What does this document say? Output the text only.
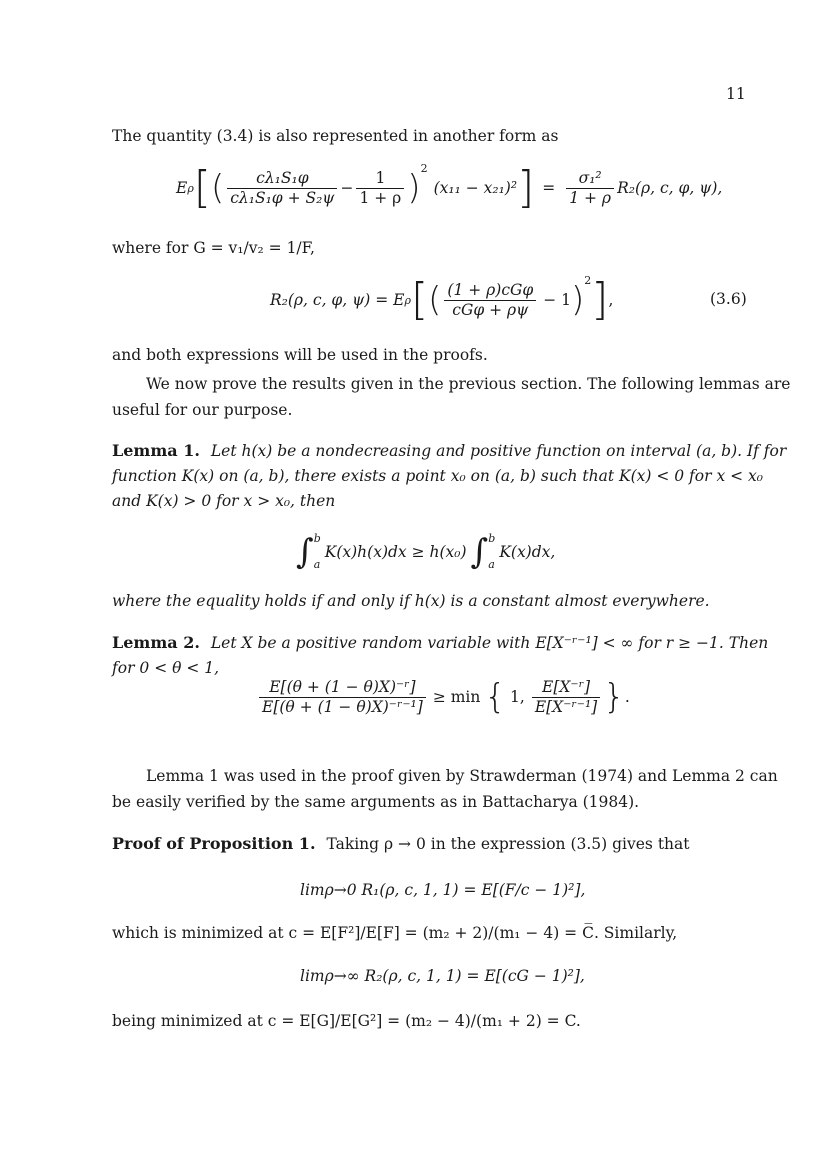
11
The quantity (3.4) is also represented in another form as
E ρ [ ( $\frac{\text{cλ₁S₁φ}}{\text{cλ₁S₁φ + S₂ψ}} - \frac{1}{1 + \rho} )^2$
(x₁₁ − x₂₁)² ] = $\frac{\text{σ₁²}}{1 + \rho} R_2(\rho$, c, φ, ψ),
where for G = v₁/v₂ = 1/F,
R₂(ρ, c, φ, ψ) = E ρ [ ( $\frac{\text{(1 + ρ)cGφ}}{\text{cGφ + ρψ}} - 1$ )$^2$ ] ,	(3.6)
and both expressions will be used in the proofs.
We now prove the results given in the previous section. The following lemmas are
useful for our purpose.
Lemma 1. Let h(x) be a nondecreasing and positive function on interval (a, b). If for
function K(x) on (a, b), there exists a point x₀ on (a, b) such that K(x) < 0 for x < x₀
and K(x) > 0 for x > x₀, then
∫ b
a
K(x)h(x)dx ≥ h(x₀) ∫ b
a
K(x)dx,
where the equality holds if and only if h(x) is a constant almost everywhere.
Lemma 2. Let X be a positive random variable with E[X⁻ʳ⁻¹] < ∞ for r ≥ −1. Then
for 0 < θ < 1,
$\frac{\text{E[(θ + (1 − θ)X)⁻ʳ]}}{\text{E[(θ + (1 − θ)X)⁻ʳ⁻¹]}} \ge \min$ { 1, $\frac{\text{E[X⁻ʳ]}}{\text{E[X⁻ʳ⁻¹]}}$ } .
Lemma 1 was used in the proof given by Strawderman (1974) and Lemma 2 can
be easily verified by the same arguments as in Battacharya (1984).
Proof of Proposition 1. Taking ρ → 0 in the expression (3.5) gives that
limρ→0 R₁(ρ, c, 1, 1) = E[(F/c − 1)²],
which is minimized at c = E[F²]/E[F] = (m₂ + 2)/(m₁ − 4) = C̅. Similarly,
limρ→∞ R₂(ρ, c, 1, 1) = E[(cG − 1)²],
being minimized at c = E[G]/E[G²] = (m₂ − 4)/(m₁ + 2) = C.
